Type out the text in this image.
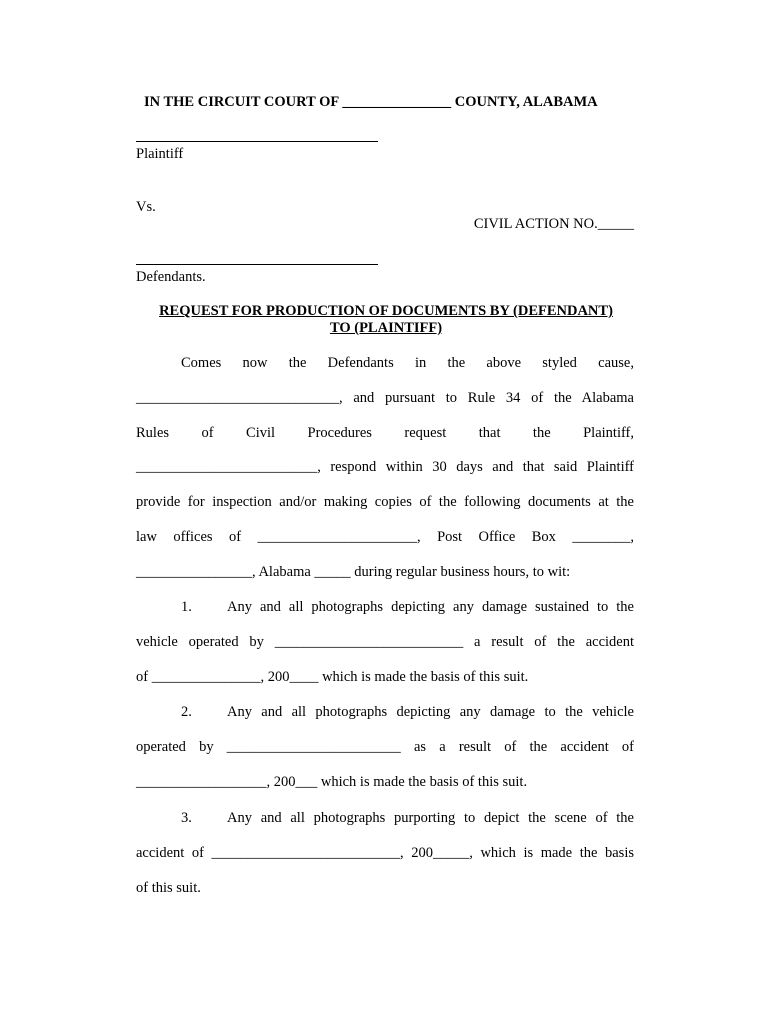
IN THE CIRCUIT COURT OF _______________ COUNTY, ALABAMA
Plaintiff
Vs.
CIVIL ACTION NO._____
Defendants.
REQUEST FOR PRODUCTION OF DOCUMENTS BY (DEFENDANT)
TO (PLAINTIFF)
Comes now the Defendants in the above styled cause,
____________________________, and pursuant to Rule 34 of the Alabama
Rules of Civil Procedures request that the Plaintiff,
_________________________, respond within 30 days and that said Plaintiff
provide for inspection and/or making copies of the following documents at the
law offices of ______________________, Post Office Box ________,
________________, Alabama _____ during regular business hours, to wit:
1.	Any and all photographs depicting any damage sustained to the
vehicle operated by __________________________ a result of the accident
of _______________, 200____ which is made the basis of this suit.
2.	Any and all photographs depicting any damage to the vehicle
operated by ________________________ as a result of the accident of
__________________, 200___ which is made the basis of this suit.
3.	Any and all photographs purporting to depict the scene of the
accident of __________________________, 200_____, which is made the basis
of this suit.
